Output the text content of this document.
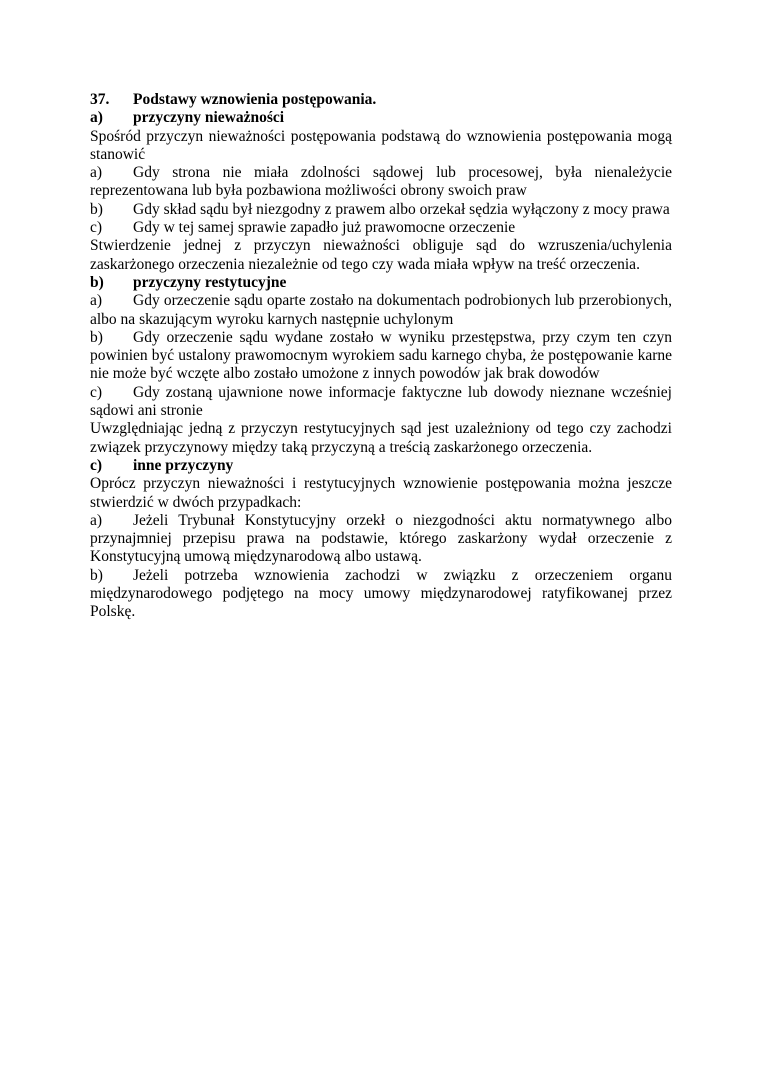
37. Podstawy wznowienia postępowania.

a) przyczyny nieważności

Spośród przyczyn nieważności postępowania podstawą do wznowienia postępowania mogą stanowić

a) Gdy strona nie miała zdolności sądowej lub procesowej, była nienależycie reprezentowana lub była pozbawiona możliwości obrony swoich praw

b) Gdy skład sądu był niezgodny z prawem albo orzekał sędzia wyłączony z mocy prawa

c) Gdy w tej samej sprawie zapadło już prawomocne orzeczenie

Stwierdzenie jednej z przyczyn nieważności obliguje sąd do wzruszenia/uchylenia zaskarżonego orzeczenia niezależnie od tego czy wada miała wpływ na treść orzeczenia.

b) przyczyny restytucyjne

a) Gdy orzeczenie sądu oparte zostało na dokumentach podrobionych lub przerobionych, albo na skazującym wyroku karnych następnie uchylonym

b) Gdy orzeczenie sądu wydane zostało w wyniku przestępstwa, przy czym ten czyn powinien być ustalony prawomocnym wyrokiem sadu karnego chyba, że postępowanie karne nie może być wczęte albo zostało umożone z innych powodów jak brak dowodów

c) Gdy zostaną ujawnione nowe informacje faktyczne lub dowody nieznane wcześniej sądowi ani stronie

Uwzględniając jedną z przyczyn restytucyjnych sąd jest uzależniony od tego czy zachodzi związek przyczynowy między taką przyczyną a treścią zaskarżonego orzeczenia.

c) inne przyczyny

Oprócz przyczyn nieważności i restytucyjnych wznowienie postępowania można jeszcze stwierdzić w dwóch przypadkach:

a) Jeżeli Trybunał Konstytucyjny orzekł o niezgodności aktu normatywnego albo przynajmniej przepisu prawa na podstawie, którego zaskarżony wydał orzeczenie z Konstytucyjną umową międzynarodową albo ustawą.

b) Jeżeli potrzeba wznowienia zachodzi w związku z orzeczeniem organu międzynarodowego podjętego na mocy umowy międzynarodowej ratyfikowanej przez Polskę.
